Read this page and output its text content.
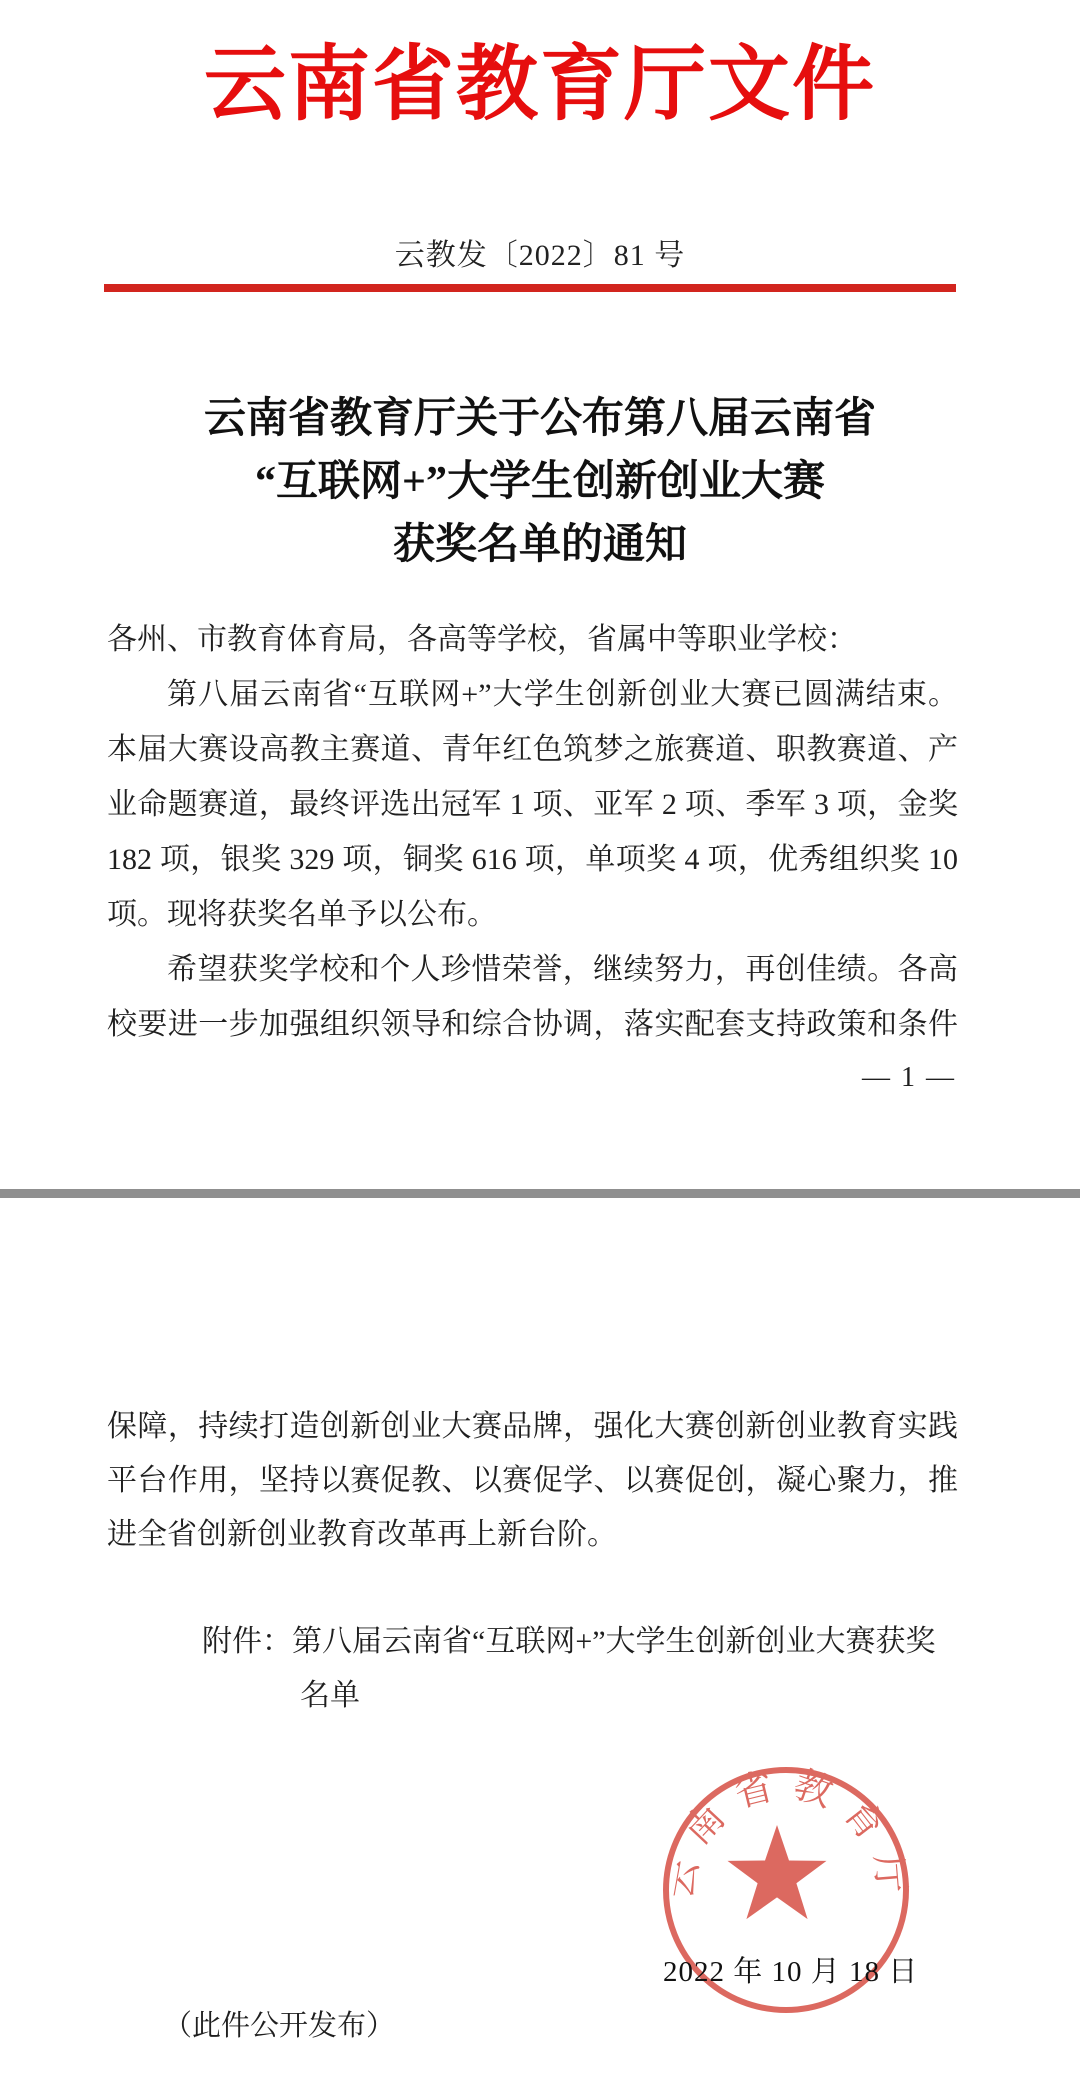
云南省教育厅文件
云教发〔2022〕81 号
云南省教育厅关于公布第八届云南省
“互联网+”大学生创新创业大赛
获奖名单的通知
各州、市教育体育局，各高等学校，省属中等职业学校：
第八届云南省“互联网+”大学生创新创业大赛已圆满结束。
本届大赛设高教主赛道、青年红色筑梦之旅赛道、职教赛道、产
业命题赛道，最终评选出冠军 1 项、亚军 2 项、季军 3 项，金奖
182 项，银奖 329 项，铜奖 616 项，单项奖 4 项，优秀组织奖 10
项。现将获奖名单予以公布。
希望获奖学校和个人珍惜荣誉，继续努力，再创佳绩。各高
校要进一步加强组织领导和综合协调，落实配套支持政策和条件
— 1 —
保障，持续打造创新创业大赛品牌，强化大赛创新创业教育实践
平台作用，坚持以赛促教、以赛促学、以赛促创，凝心聚力，推
进全省创新创业教育改革再上新台阶。
附件：第八届云南省“互联网+”大学生创新创业大赛获奖
名单
云南省教育厅
2022 年 10 月 18 日
（此件公开发布）
